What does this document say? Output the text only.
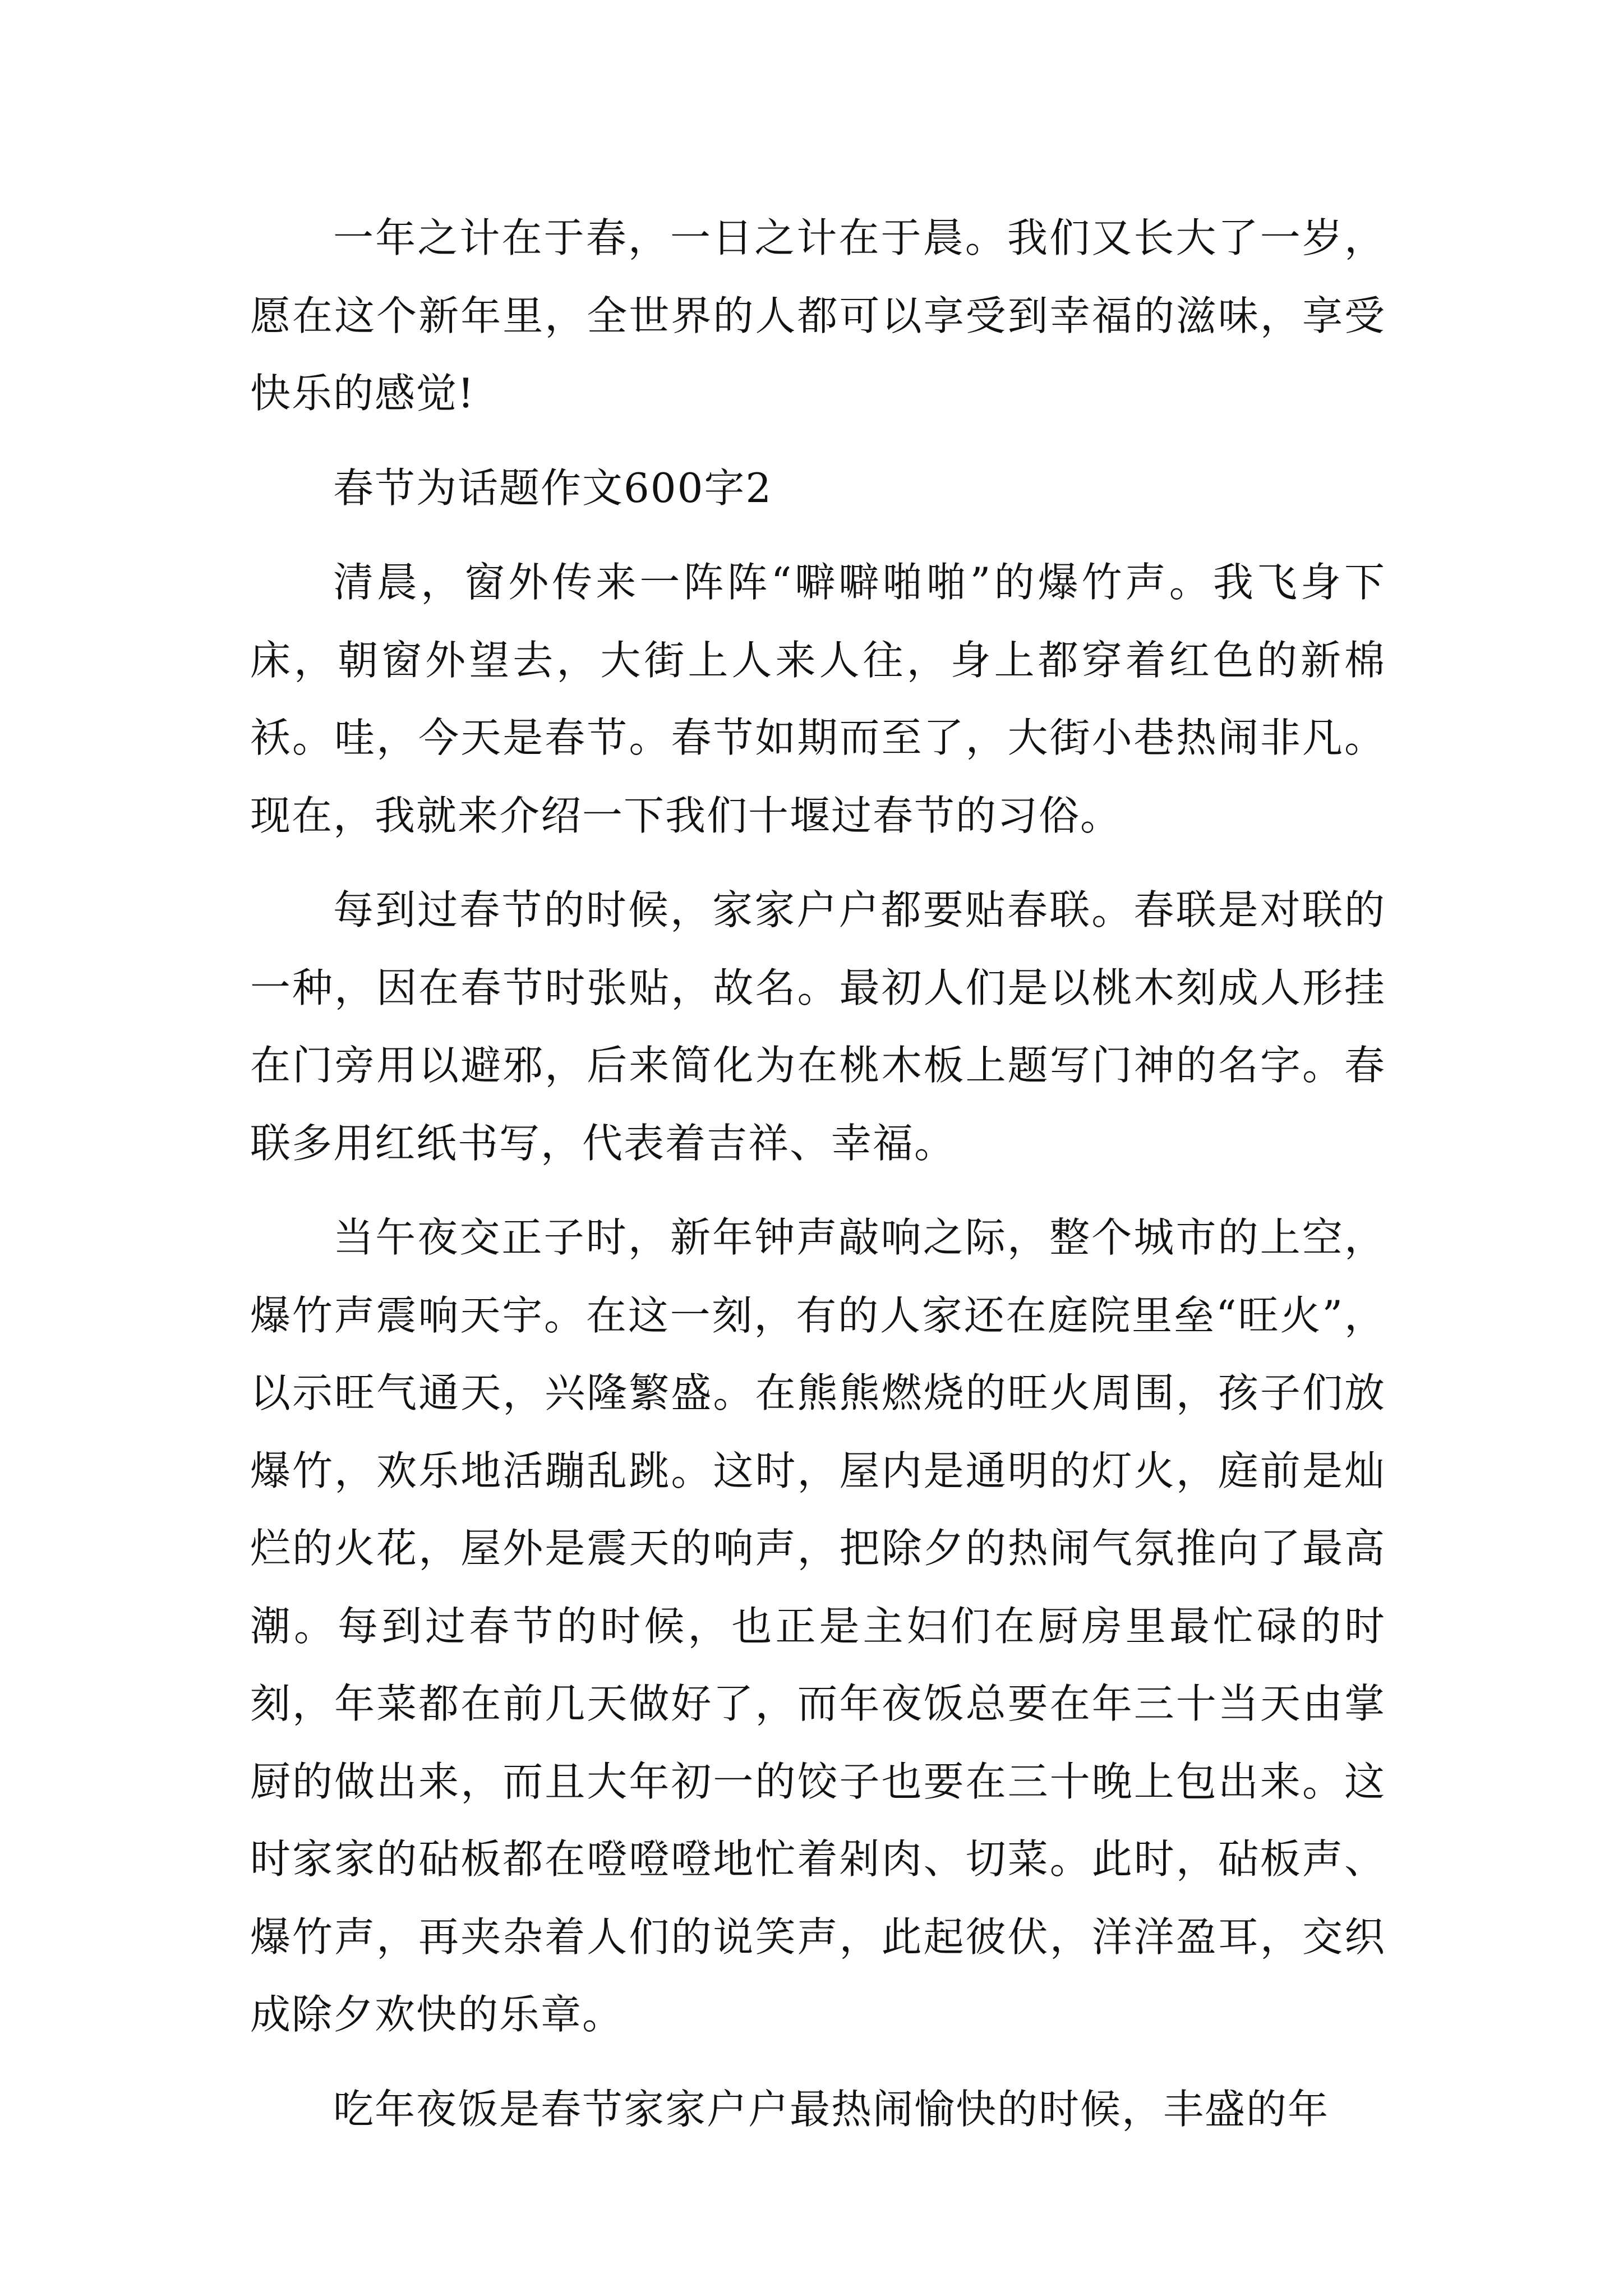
一年之计在于春，一日之计在于晨。我们又长大了一岁，愿在这个新年里，全世界的人都可以享受到幸福的滋味，享受快乐的感觉!

春节为话题作文600字2

清晨，窗外传来一阵阵“噼噼啪啪”的爆竹声。我飞身下床，朝窗外望去，大街上人来人往，身上都穿着红色的新棉袄。哇，今天是春节。春节如期而至了，大街小巷热闹非凡。现在，我就来介绍一下我们十堰过春节的习俗。

每到过春节的时候，家家户户都要贴春联。春联是对联的一种，因在春节时张贴，故名。最初人们是以桃木刻成人形挂在门旁用以避邪，后来简化为在桃木板上题写门神的名字。春联多用红纸书写，代表着吉祥、幸福。

当午夜交正子时，新年钟声敲响之际，整个城市的上空，爆竹声震响天宇。在这一刻，有的人家还在庭院里垒“旺火”，以示旺气通天，兴隆繁盛。在熊熊燃烧的旺火周围，孩子们放爆竹，欢乐地活蹦乱跳。这时，屋内是通明的灯火，庭前是灿烂的火花，屋外是震天的响声，把除夕的热闹气氛推向了最高潮。每到过春节的时候，也正是主妇们在厨房里最忙碌的时刻，年菜都在前几天做好了，而年夜饭总要在年三十当天由掌厨的做出来，而且大年初一的饺子也要在三十晚上包出来。这时家家的砧板都在噔噔噔地忙着剁肉、切菜。此时，砧板声、爆竹声，再夹杂着人们的说笑声，此起彼伏，洋洋盈耳，交织成除夕欢快的乐章。

吃年夜饭是春节家家户户最热闹愉快的时候，丰盛的年
